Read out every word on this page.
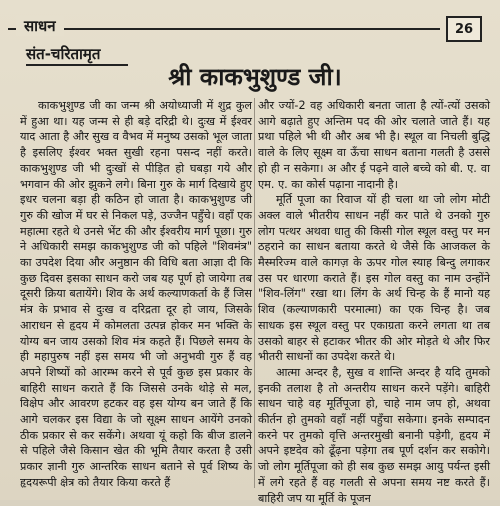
साधन	26
संत-चरितामृत
श्री काकभुशुण्ड जी।

काकभुशुण्ड जी का जन्म श्री अयोध्याजी में शुद्र कुल में हुआ था। यह जन्म से ही बड़े दरिद्री थे। दुःख में ईश्वर याद आता है और सुख व वैभव में मनुष्य उसको भूल जाता है इसलिए ईश्वर भक्त सुखी रहना पसन्द नहीं करते। काकभुशुण्ड जी भी दुःखों से पीड़ित हो घबड़ा गये और भगवान की ओर झुकने लगे। बिना गुरु के मार्ग दिखाये हुए इधर चलना बड़ा ही कठिन हो जाता है। काकभुशुण्ड जी गुरु की खोज में घर से निकल पड़े, उज्जैन पहुँचे। वहाँ एक महात्मा रहते थे उनसे भेंट की और ईश्वरीय मार्ग पूछा। गुरु ने अधिकारी समझ काकभुशुण्ड जी को पहिले "शिवमंत्र" का उपदेश दिया और अनुष्ठान की विधि बता आज्ञा दी कि कुछ दिवस इसका साधन करो जब यह पूर्ण हो जायेगा तब दूसरी क्रिया बतायेंगे। शिव के अर्थ कल्याणकर्ता के हैं जिस मंत्र के प्रभाव से दुःख व दरिद्रता दूर हो जाय, जिसके आराधन से हृदय में कोमलता उत्पन्न होकर मन भक्ति के योग्य बन जाय उसको शिव मंत्र कहते हैं। पिछले समय के ही महापुरुष नहीं इस समय भी जो अनुभवी गुरु हैं वह अपने शिष्यों को आरम्भ करने से पूर्व कुछ इस प्रकार के बाहिरी साधन कराते हैं कि जिससे उनके थोड़े से मल, विक्षेप और आवरण हटकर वह इस योग्य बन जाते हैं कि आगे चलकर इस विद्या के जो सूक्ष्म साधन आयेंगे उनको ठीक प्रकार से कर सकेंगे। अथवा यूं कहो कि बीज डालने से पहिले जैसे किसान खेत की भूमि तैयार करता है उसी प्रकार ज्ञानी गुरु आन्तरिक साधन बताने से पूर्व शिष्य के हृदयरूपी क्षेत्र को तैयार किया करते हैं

और ज्यों-2 वह अधिकारी बनता जाता है त्यों-त्यों उसको आगे बढ़ाते हुए अन्तिम पद की ओर चलाते जाते हैं। यह प्रथा पहिले भी थी और अब भी है। स्थूल वा निचली बुद्धि वाले के लिए सूक्ष्म वा ऊँचा साधन बताना गलती है उससे हो ही न सकेगा। अ और ई पढ़ने वाले बच्चे को बी. ए. वा एम. ए. का कोर्स पढ़ाना नादानी है।

मूर्ति पूजा का रिवाज यों ही चला था जो लोग मोटी अक्ल वाले भीतरीय साधन नहीं कर पाते थे उनको गुरु लोग पत्थर अथवा धातु की किसी गोल स्थूल वस्तु पर मन ठहराने का साधन बताया करते थे जैसे कि आजकल के मैस्मरिज्म वाले कागज़ के ऊपर गोल स्याह बिन्दु लगाकर उस पर धारणा कराते हैं। इस गोल वस्तु का नाम उन्होंने "शिव-लिंग" रखा था। लिंग के अर्थ चिन्ह के हैं मानो यह शिव (कल्याणकारी परमात्मा) का एक चिन्ह है। जब साधक इस स्थूल वस्तु पर एकाग्रता करने लगता था तब उसको बाहर से हटाकर भीतर की ओर मोड़ते थे और फिर भीतरी साधनों का उपदेश करते थे।

आत्मा अन्दर है, सुख व शान्ति अन्दर है यदि तुमको इनकी तलाश है तो अन्तरीय साधन करने पड़ेंगे। बाहिरी साधन चाहे वह मूर्तिपूजा हो, चाहे नाम जप हो, अथवा कीर्तन हो तुमको वहाँ नहीं पहुँचा सकेगा। इनके सम्पादन करने पर तुमको वृत्ति अन्तरमुखी बनानी पड़ेगी, हृदय में अपने इष्टदेव को ढूँढ़ना पड़ेगा तब पूर्ण दर्शन कर सकोगे। जो लोग मूर्तिपूजा को ही सब कुछ समझ आयु पर्यन्त इसी में लगे रहते हैं वह गलती से अपना समय नष्ट करते हैं। बाहिरी जप या मूर्ति के पूजन
